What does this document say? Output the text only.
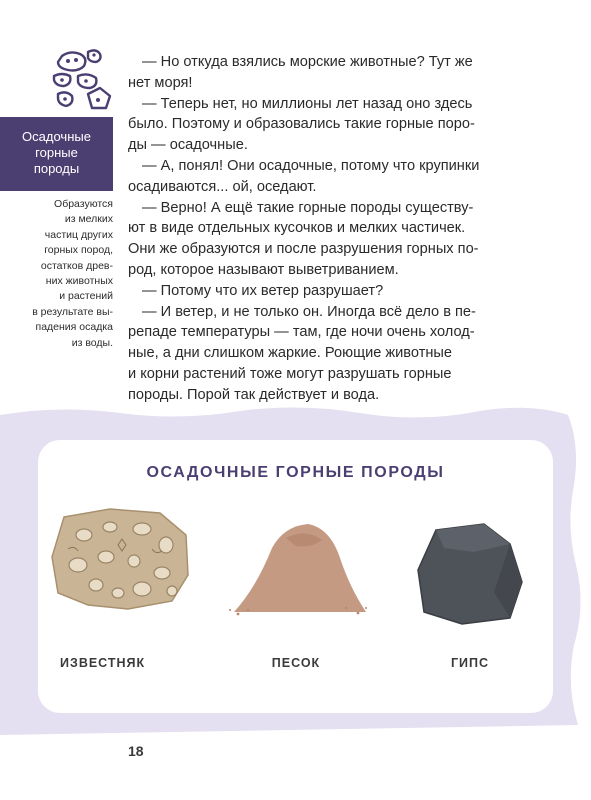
Осадочные
горные
породы
Образуются
из мелких
частиц других
горных пород,
остатков древ-
них животных
и растений
в результате вы-
падения осадка
из воды.
— Но откуда взялись морские животные? Тут же
нет моря!
— Теперь нет, но миллионы лет назад оно здесь
было. Поэтому и образовались такие горные поро-
ды — осадочные.
— А, понял! Они осадочные, потому что крупинки
осадиваются... ой, оседают.
— Верно! А ещё такие горные породы существу-
ют в виде отдельных кусочков и мелких частичек.
Они же образуются и после разрушения горных по-
род, которое называют выветриванием.
— Потому что их ветер разрушает?
— И ветер, и не только он. Иногда всё дело в пе-
репаде температуры — там, где ночи очень холод-
ные, а дни слишком жаркие. Роющие животные
и корни растений тоже могут разрушать горные
породы. Порой так действует и вода.
ОСАДОЧНЫЕ ГОРНЫЕ ПОРОДЫ
ИЗВЕСТНЯК	ПЕСОК	ГИПС
18
